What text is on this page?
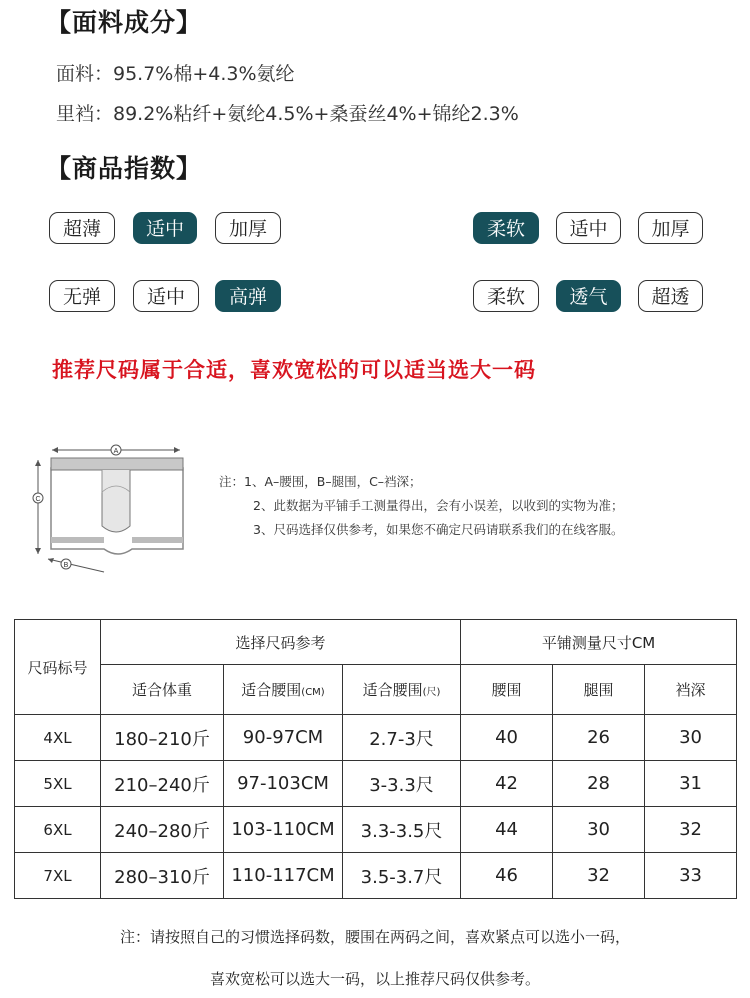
【面料成分】
面料：95.7%棉+4.3%氨纶
里裆：89.2%粘纤+氨纶4.5%+桑蚕丝4%+锦纶2.3%
【商品指数】
超薄	适中	加厚	柔软	适中	加厚
无弹	适中	高弹	柔软	透气	超透
推荐尺码属于合适，喜欢宽松的可以适当选大一码
A
C
B
注：1、A–腰围，B–腿围，C–裆深；
2、此数据为平铺手工测量得出，会有小误差，以收到的实物为准；
3、尺码选择仅供参考，如果您不确定尺码请联系我们的在线客服。
尺码标号	选择尺码参考			平铺测量尺寸CM		
	适合体重	适合腰围(CM)	适合腰围(尺)	腰围	腿围	裆深
4XL	180–210斤	90-97CM	2.7-3尺	40	26	30
5XL	210–240斤	97-103CM	3-3.3尺	42	28	31
6XL	240–280斤	103-110CM	3.3-3.5尺	44	30	32
7XL	280–310斤	110-117CM	3.5-3.7尺	46	32	33
注：请按照自己的习惯选择码数，腰围在两码之间，喜欢紧点可以选小一码，
喜欢宽松可以选大一码，以上推荐尺码仅供参考。
